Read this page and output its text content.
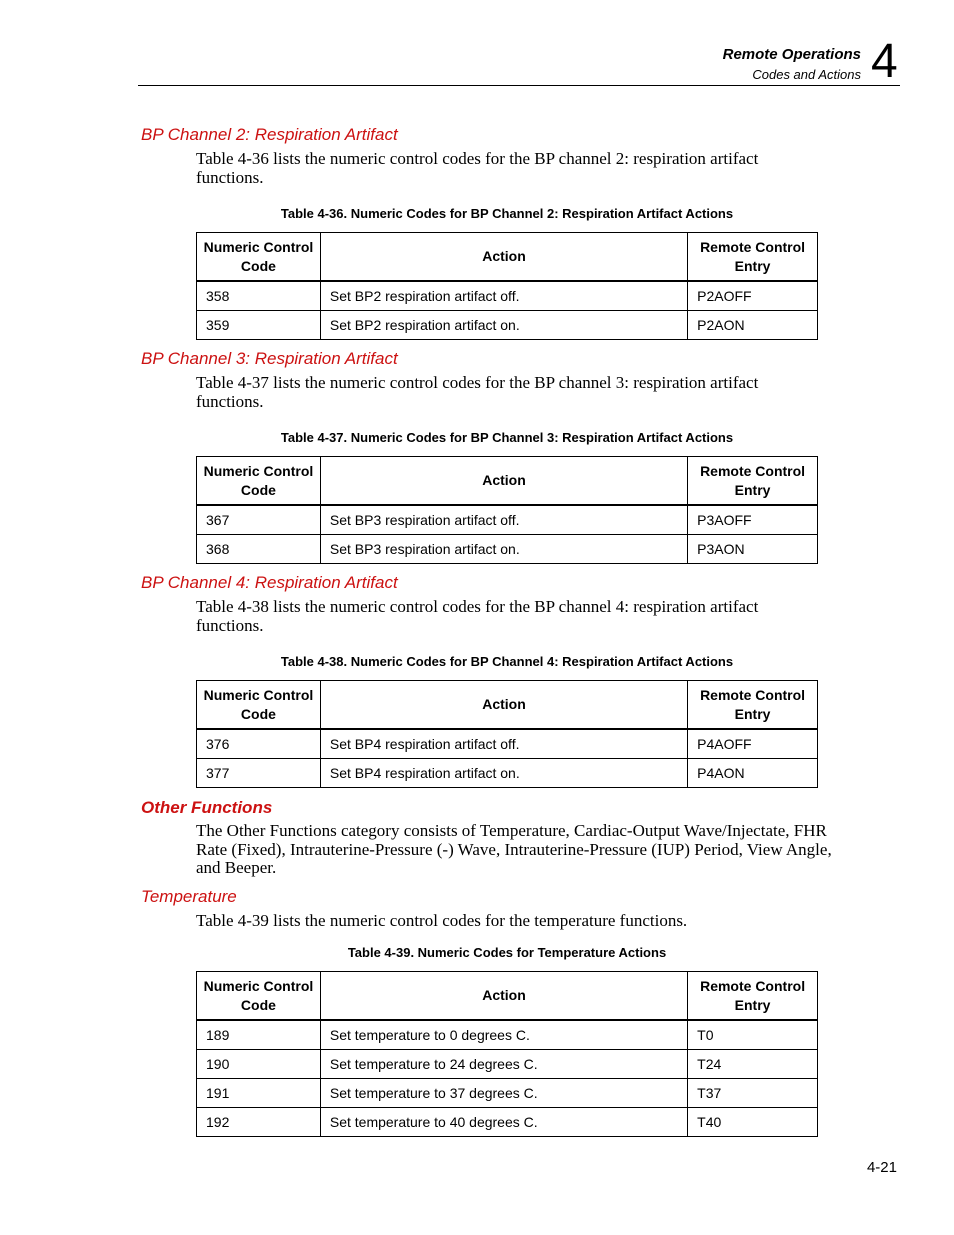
Remote Operations
Codes and Actions 4
BP Channel 2: Respiration Artifact
Table 4-36 lists the numeric control codes for the BP channel 2: respiration artifact functions.
Table 4-36. Numeric Codes for BP Channel 2: Respiration Artifact Actions
Numeric Control
Code	Action	Remote Control
Entry
358	Set BP2 respiration artifact off.	P2AOFF
359	Set BP2 respiration artifact on.	P2AON
BP Channel 3: Respiration Artifact
Table 4-37 lists the numeric control codes for the BP channel 3: respiration artifact functions.
Table 4-37. Numeric Codes for BP Channel 3: Respiration Artifact Actions
Numeric Control
Code	Action	Remote Control
Entry
367	Set BP3 respiration artifact off.	P3AOFF
368	Set BP3 respiration artifact on.	P3AON
BP Channel 4: Respiration Artifact
Table 4-38 lists the numeric control codes for the BP channel 4: respiration artifact functions.
Table 4-38. Numeric Codes for BP Channel 4: Respiration Artifact Actions
Numeric Control
Code	Action	Remote Control
Entry
376	Set BP4 respiration artifact off.	P4AOFF
377	Set BP4 respiration artifact on.	P4AON
Other Functions
The Other Functions category consists of Temperature, Cardiac-Output Wave/Injectate, FHR Rate (Fixed), Intrauterine-Pressure (-) Wave, Intrauterine-Pressure (IUP) Period, View Angle, and Beeper.
Temperature
Table 4-39 lists the numeric control codes for the temperature functions.
Table 4-39. Numeric Codes for Temperature Actions
Numeric Control
Code	Action	Remote Control
Entry
189	Set temperature to 0 degrees C.	T0
190	Set temperature to 24 degrees C.	T24
191	Set temperature to 37 degrees C.	T37
192	Set temperature to 40 degrees C.	T40
4-21
